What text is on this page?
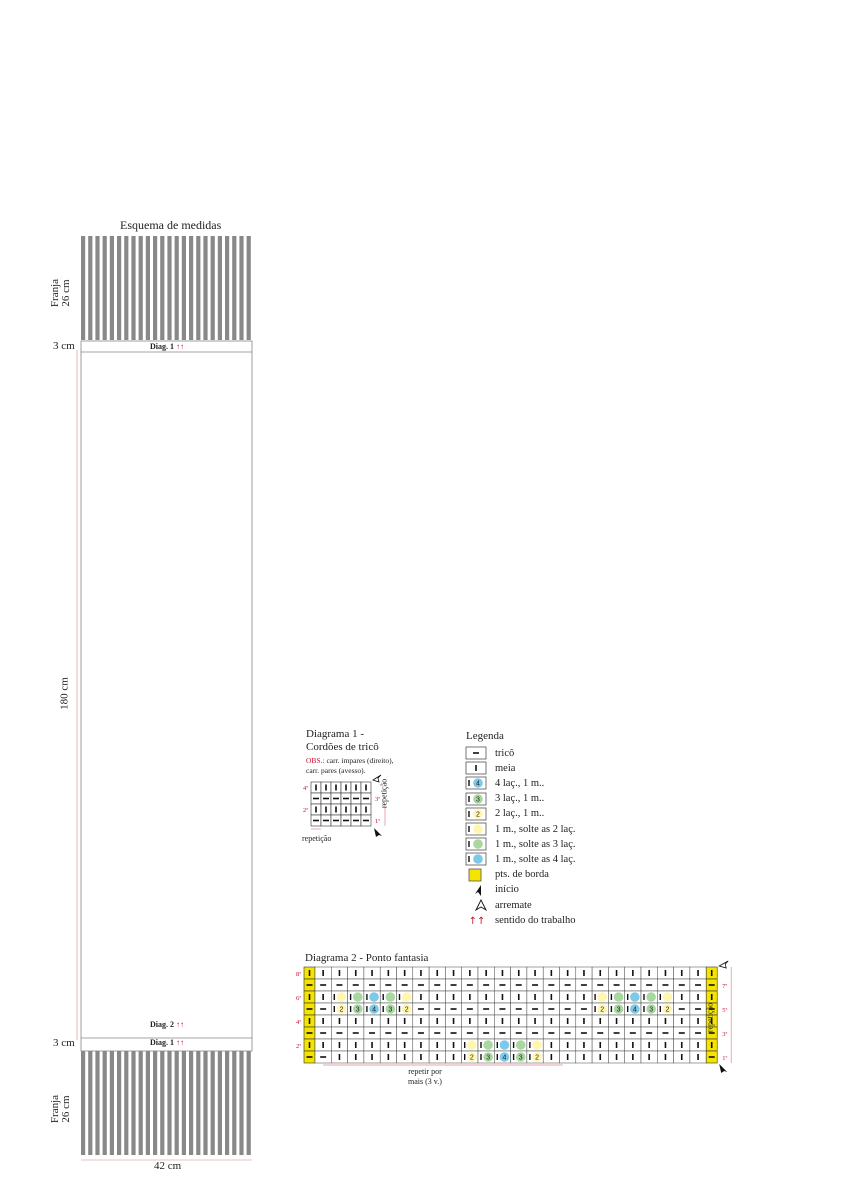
Esquema de medidas
Franja 26 cm
3 cm	Diag. 1 ↑↑
180 cm
Diag. 2 ↑↑
3 cm	Diag. 1 ↑↑
Franja 26 cm
42 cm
Diagrama 1 -
Cordões de tricô
OBS.: carr. impares (direito),
carr. pares (avesso).
4ª
2ª
3ª
1ª
repetição
repetição
Legenda
tricô
meia
4 4 laç., 1 m..
3 3 laç., 1 m..
2 2 laç., 1 m..
1 m., solte as 2 laç.
1 m., solte as 3 laç.
1 m., solte as 4 laç.
pts. de borda
início
arremate
↑↑ sentido do trabalho
Diagrama 2 - Ponto fantasia
2 3 4 3 2	2 3 4 3 2
2 3 4 3 2
8ª
6ª
4ª
2ª
7ª
5ª
3ª
1ª
repetir por
mais (3 v.)
repetição
